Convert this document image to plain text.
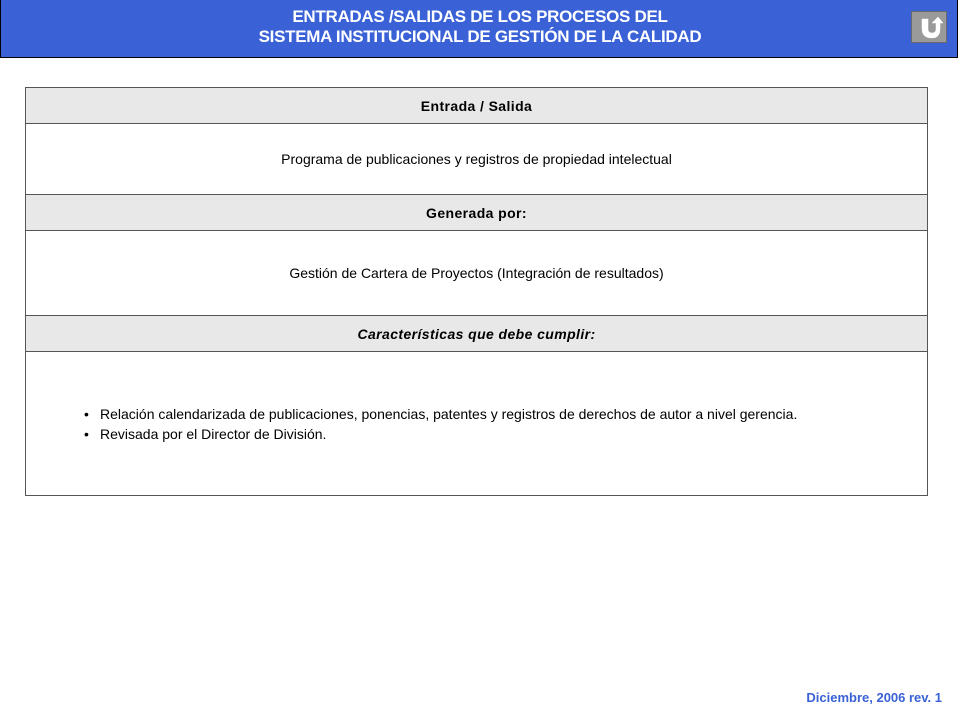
ENTRADAS /SALIDAS DE LOS PROCESOS DEL
SISTEMA INSTITUCIONAL DE GESTIÓN DE LA CALIDAD
Entrada / Salida
Programa de publicaciones y registros de propiedad intelectual
Generada por:
Gestión de Cartera de Proyectos (Integración de resultados)
Características que debe cumplir:
• Relación calendarizada de publicaciones, ponencias, patentes y registros de derechos de autor a nivel gerencia.
• Revisada por el Director de División.
Diciembre, 2006 rev. 1
